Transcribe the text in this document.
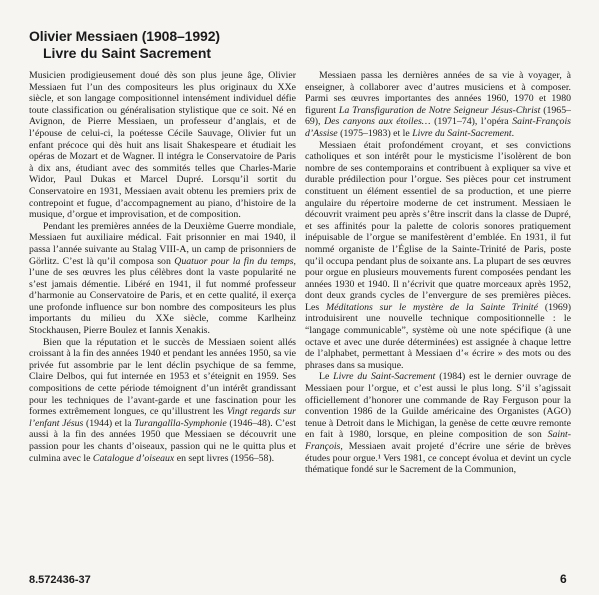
Olivier Messiaen (1908–1992)
Livre du Saint Sacrement

Musicien prodigieusement doué dès son plus jeune âge, Olivier Messiaen fut l’un des compositeurs les plus originaux du XXe siècle, et son langage compositionnel intensément individuel défie toute classification ou généralisation stylistique que ce soit. Né en Avignon, de Pierre Messiaen, un professeur d’anglais, et de l’épouse de celui-ci, la poétesse Cécile Sauvage, Olivier fut un enfant précoce qui dès huit ans lisait Shakespeare et étudiait les opéras de Mozart et de Wagner. Il intégra le Conservatoire de Paris à dix ans, étudiant avec des sommités telles que Charles-Marie Widor, Paul Dukas et Marcel Dupré. Lorsqu’il sortit du Conservatoire en 1931, Messiaen avait obtenu les premiers prix de contrepoint et fugue, d’accompagnement au piano, d’histoire de la musique, d’orgue et improvisation, et de composition.

Pendant les premières années de la Deuxième Guerre mondiale, Messiaen fut auxiliaire médical. Fait prisonnier en mai 1940, il passa l’année suivante au Stalag VIII-A, un camp de prisonniers de Görlitz. C’est là qu’il composa son Quatuor pour la fin du temps, l’une de ses œuvres les plus célèbres dont la vaste popularité ne s’est jamais démentie. Libéré en 1941, il fut nommé professeur d’harmonie au Conservatoire de Paris, et en cette qualité, il exerça une profonde influence sur bon nombre des compositeurs les plus importants du milieu du XXe siècle, comme Karlheinz Stockhausen, Pierre Boulez et Iannis Xenakis.

Bien que la réputation et le succès de Messiaen soient allés croissant à la fin des années 1940 et pendant les années 1950, sa vie privée fut assombrie par le lent déclin psychique de sa femme, Claire Delbos, qui fut internée en 1953 et s’éteignit en 1959. Ses compositions de cette période témoignent d’un intérêt grandissant pour les techniques de l’avant-garde et une fascination pour les formes extrêmement longues, ce qu’illustrent les Vingt regards sur l’enfant Jésus (1944) et la Turangalîla-Symphonie (1946–48). C’est aussi à la fin des années 1950 que Messiaen se découvrit une passion pour les chants d’oiseaux, passion qui ne le quitta plus et culmina avec le Catalogue d’oiseaux en sept livres (1956–58).

Messiaen passa les dernières années de sa vie à voyager, à enseigner, à collaborer avec d’autres musiciens et à composer. Parmi ses œuvres importantes des années 1960, 1970 et 1980 figurent La Transfiguration de Notre Seigneur Jésus-Christ (1965–69), Des canyons aux étoiles… (1971–74), l’opéra Saint-François d’Assise (1975–1983) et le Livre du Saint-Sacrement.

Messiaen était profondément croyant, et ses convictions catholiques et son intérêt pour le mysticisme l’isolèrent de bon nombre de ses contemporains et contribuent à expliquer sa vive et durable prédilection pour l’orgue. Ses pièces pour cet instrument constituent un élément essentiel de sa production, et une pierre angulaire du répertoire moderne de cet instrument. Messiaen le découvrit vraiment peu après s’être inscrit dans la classe de Dupré, et ses affinités pour la palette de coloris sonores pratiquement inépuisable de l’orgue se manifestèrent d’emblée. En 1931, il fut nommé organiste de l’Église de la Sainte-Trinité de Paris, poste qu’il occupa pendant plus de soixante ans. La plupart de ses œuvres pour orgue en plusieurs mouvements furent composées pendant les années 1930 et 1940. Il n’écrivit que quatre morceaux après 1952, dont deux grands cycles de l’envergure de ses premières pièces. Les Méditations sur le mystère de la Sainte Trinité (1969) introduisirent une nouvelle technique compositionnelle : le “langage communicable”, système où une note spécifique (à une octave et avec une durée déterminées) est assignée à chaque lettre de l’alphabet, permettant à Messiaen d’« écrire » des mots ou des phrases dans sa musique.

Le Livre du Saint-Sacrement (1984) est le dernier ouvrage de Messiaen pour l’orgue, et c’est aussi le plus long. S’il s’agissait officiellement d’honorer une commande de Ray Ferguson pour la convention 1986 de la Guilde américaine des Organistes (AGO) tenue à Detroit dans le Michigan, la genèse de cette œuvre remonte en fait à 1980, lorsque, en pleine composition de son Saint-François, Messiaen avait projeté d’écrire une série de brèves études pour orgue.¹ Vers 1981, ce concept évolua et devint un cycle thématique fondé sur le Sacrement de la Communion,

8.572436-37	6
